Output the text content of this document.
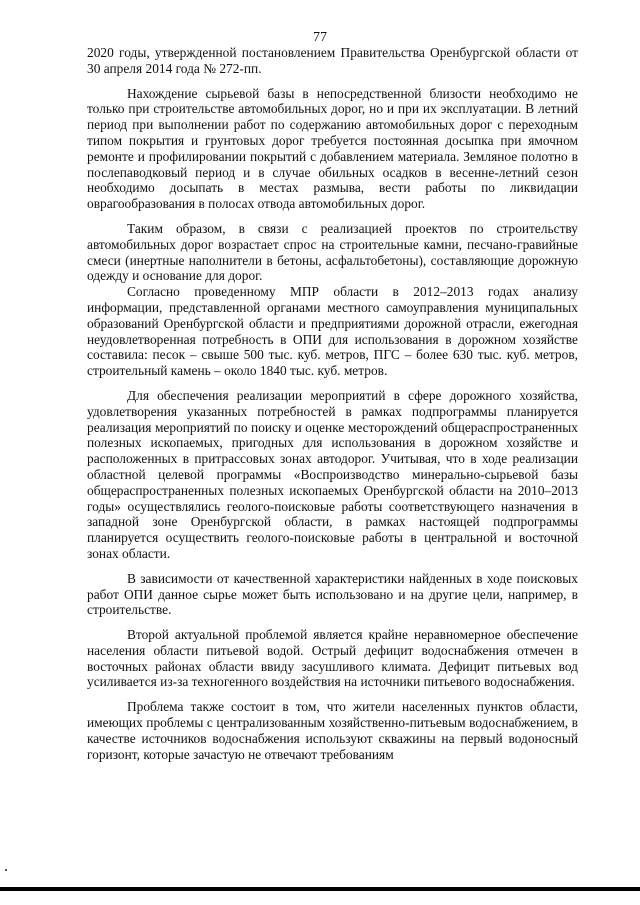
77

2020 годы, утвержденной постановлением Правительства Оренбургской области от 30 апреля 2014 года № 272-пп.

Нахождение сырьевой базы в непосредственной близости необходимо не только при строительстве автомобильных дорог, но и при их эксплуатации. В летний период при выполнении работ по содержанию автомобильных дорог с переходным типом покрытия и грунтовых дорог требуется постоянная досыпка при ямочном ремонте и профилировании покрытий с добавлением материала. Земляное полотно в послепаводковый период и в случае обильных осадков в весенне-летний сезон необходимо досыпать в местах размыва, вести работы по ликвидации оврагообразования в полосах отвода автомобильных дорог.

Таким образом, в связи с реализацией проектов по строительству автомобильных дорог возрастает спрос на строительные камни, песчано-гравийные смеси (инертные наполнители в бетоны, асфальтобетоны), составляющие дорожную одежду и основание для дорог.

Согласно проведенному МПР области в 2012–2013 годах анализу информации, представленной органами местного самоуправления муниципальных образований Оренбургской области и предприятиями дорожной отрасли, ежегодная неудовлетворенная потребность в ОПИ для использования в дорожном хозяйстве составила: песок – свыше 500 тыс. куб. метров, ПГС – более 630 тыс. куб. метров, строительный камень – около 1840 тыс. куб. метров.

Для обеспечения реализации мероприятий в сфере дорожного хозяйства, удовлетворения указанных потребностей в рамках подпрограммы планируется реализация мероприятий по поиску и оценке месторождений общераспространенных полезных ископаемых, пригодных для использования в дорожном хозяйстве и расположенных в притрассовых зонах автодорог. Учитывая, что в ходе реализации областной целевой программы «Воспроизводство минерально-сырьевой базы общераспространенных полезных ископаемых Оренбургской области на 2010–2013 годы» осуществлялись геолого-поисковые работы соответствующего назначения в западной зоне Оренбургской области, в рамках настоящей подпрограммы планируется осуществить геолого-поисковые работы в центральной и восточной зонах области.

В зависимости от качественной характеристики найденных в ходе поисковых работ ОПИ данное сырье может быть использовано и на другие цели, например, в строительстве.

Второй актуальной проблемой является крайне неравномерное обеспечение населения области питьевой водой. Острый дефицит водоснабжения отмечен в восточных районах области ввиду засушливого климата. Дефицит питьевых вод усиливается из-за техногенного воздействия на источники питьевого водоснабжения.

Проблема также состоит в том, что жители населенных пунктов области, имеющих проблемы с централизованным хозяйственно-питьевым водоснабжением, в качестве источников водоснабжения используют скважины на первый водоносный горизонт, которые зачастую не отвечают требованиям
